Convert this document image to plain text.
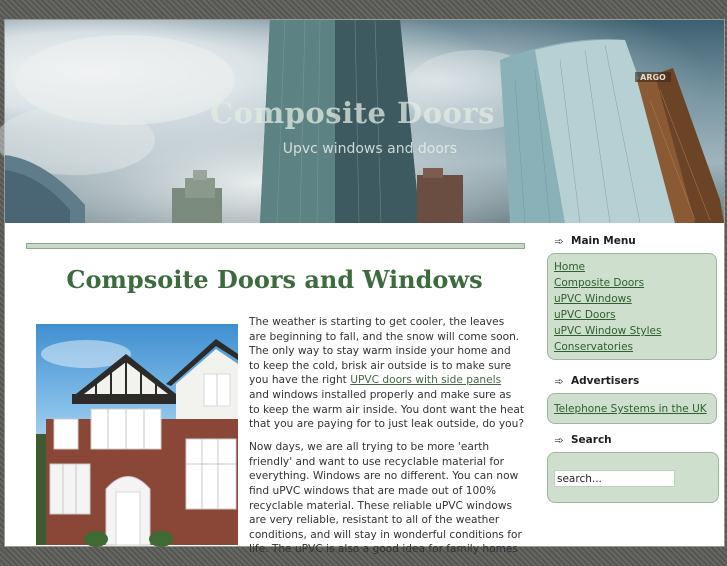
ARGO
Composite Doors
Upvc windows and doors
Compsoite Doors and Windows

The weather is starting to get cooler, the leaves are beginning to fall, and the snow will come soon. The only way to stay warm inside your home and to keep the cold, brisk air outside is to make sure you have the right UPVC doors with side panels and windows installed properly and make sure as to keep the warm air inside. You dont want the heat that you are paying for to just leak outside, do you?

Now days, we are all trying to be more 'earth friendly' and want to use recyclable material for everything. Windows are no different. You can now find uPVC windows that are made out of 100% recyclable material. These reliable uPVC windows are very reliable, resistant to all of the weather conditions, and will stay in wonderful conditions for life. The uPVC is also a good idea for family homes

➾ Main Menu
Home
Composite Doors
uPVC Windows
uPVC Doors
uPVC Window Styles
Conservatories
➾ Advertisers
Telephone Systems in the UK
➾ Search
search...
